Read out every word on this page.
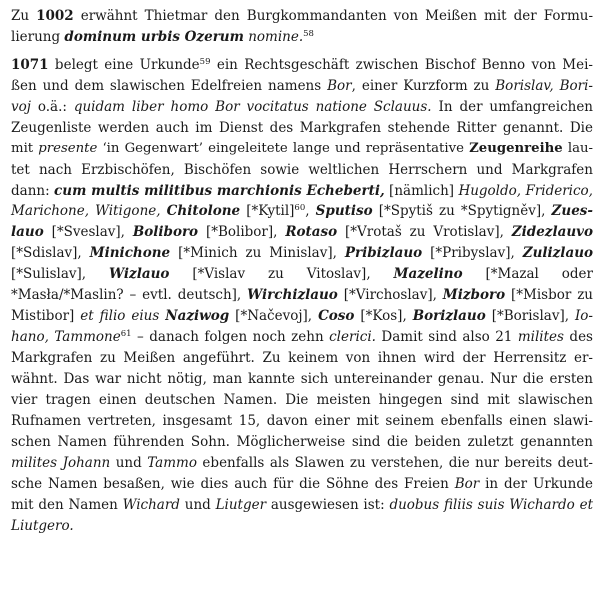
Zu 1002 erwähnt Thietmar den Burgkommandanten von Meißen mit der Formu-
lierung dominum urbis Ozerum nomine.$^{58}$
1071 belegt eine Urkunde$^{59}$ ein Rechtsgeschäft zwischen Bischof Benno von Mei-
ßen und dem slawischen Edelfreien namens Bor, einer Kurzform zu Borislav, Bori-
voj o.ä.: quidam liber homo Bor vocitatus natione Sclauus. In der umfangreichen
Zeugenliste werden auch im Dienst des Markgrafen stehende Ritter genannt. Die
mit presente ‘in Gegenwart’ eingeleitete lange und repräsentative Zeugenreihe lau-
tet nach Erzbischöfen, Bischöfen sowie weltlichen Herrschern und Markgrafen
dann: cum multis militibus marchionis Echeberti, [nämlich] Hugoldo, Friderico,
Marichone, Witigone, Chitolone [*Kytil]$^{60}$, Sputiso [*Spytiš zu *Spytigněv], Zues-
lauo [*Sveslav], Boliboro [*Bolibor], Rotaso [*Vrotaš zu Vrotislav], Zidezlauvo
[*Sdislav], Minichone [*Minich zu Minislav], Pribizlauo [*Pribyslav], Zulizlauo
[*Sulislav], Wizlauo [*Vislav zu Vitoslav], Mazelino [*Mazal oder
*Masła/*Maslin? – evtl. deutsch], Wirchizlauo [*Virchoslav], Mizboro [*Misbor zu
Mistibor] et filio eius Naziwog [*Načevoj], Coso [*Kos], Borizlauo [*Borislav], Io-
hano, Tammone$^{61}$ – danach folgen noch zehn clerici. Damit sind also 21 milites des
Markgrafen zu Meißen angeführt. Zu keinem von ihnen wird der Herrensitz er-
wähnt. Das war nicht nötig, man kannte sich untereinander genau. Nur die ersten
vier tragen einen deutschen Namen. Die meisten hingegen sind mit slawischen
Rufnamen vertreten, insgesamt 15, davon einer mit seinem ebenfalls einen slawi-
schen Namen führenden Sohn. Möglicherweise sind die beiden zuletzt genannten
milites Johann und Tammo ebenfalls als Slawen zu verstehen, die nur bereits deut-
sche Namen besaßen, wie dies auch für die Söhne des Freien Bor in der Urkunde
mit den Namen Wichard und Liutger ausgewiesen ist: duobus filiis suis Wichardo et
Liutgero.
